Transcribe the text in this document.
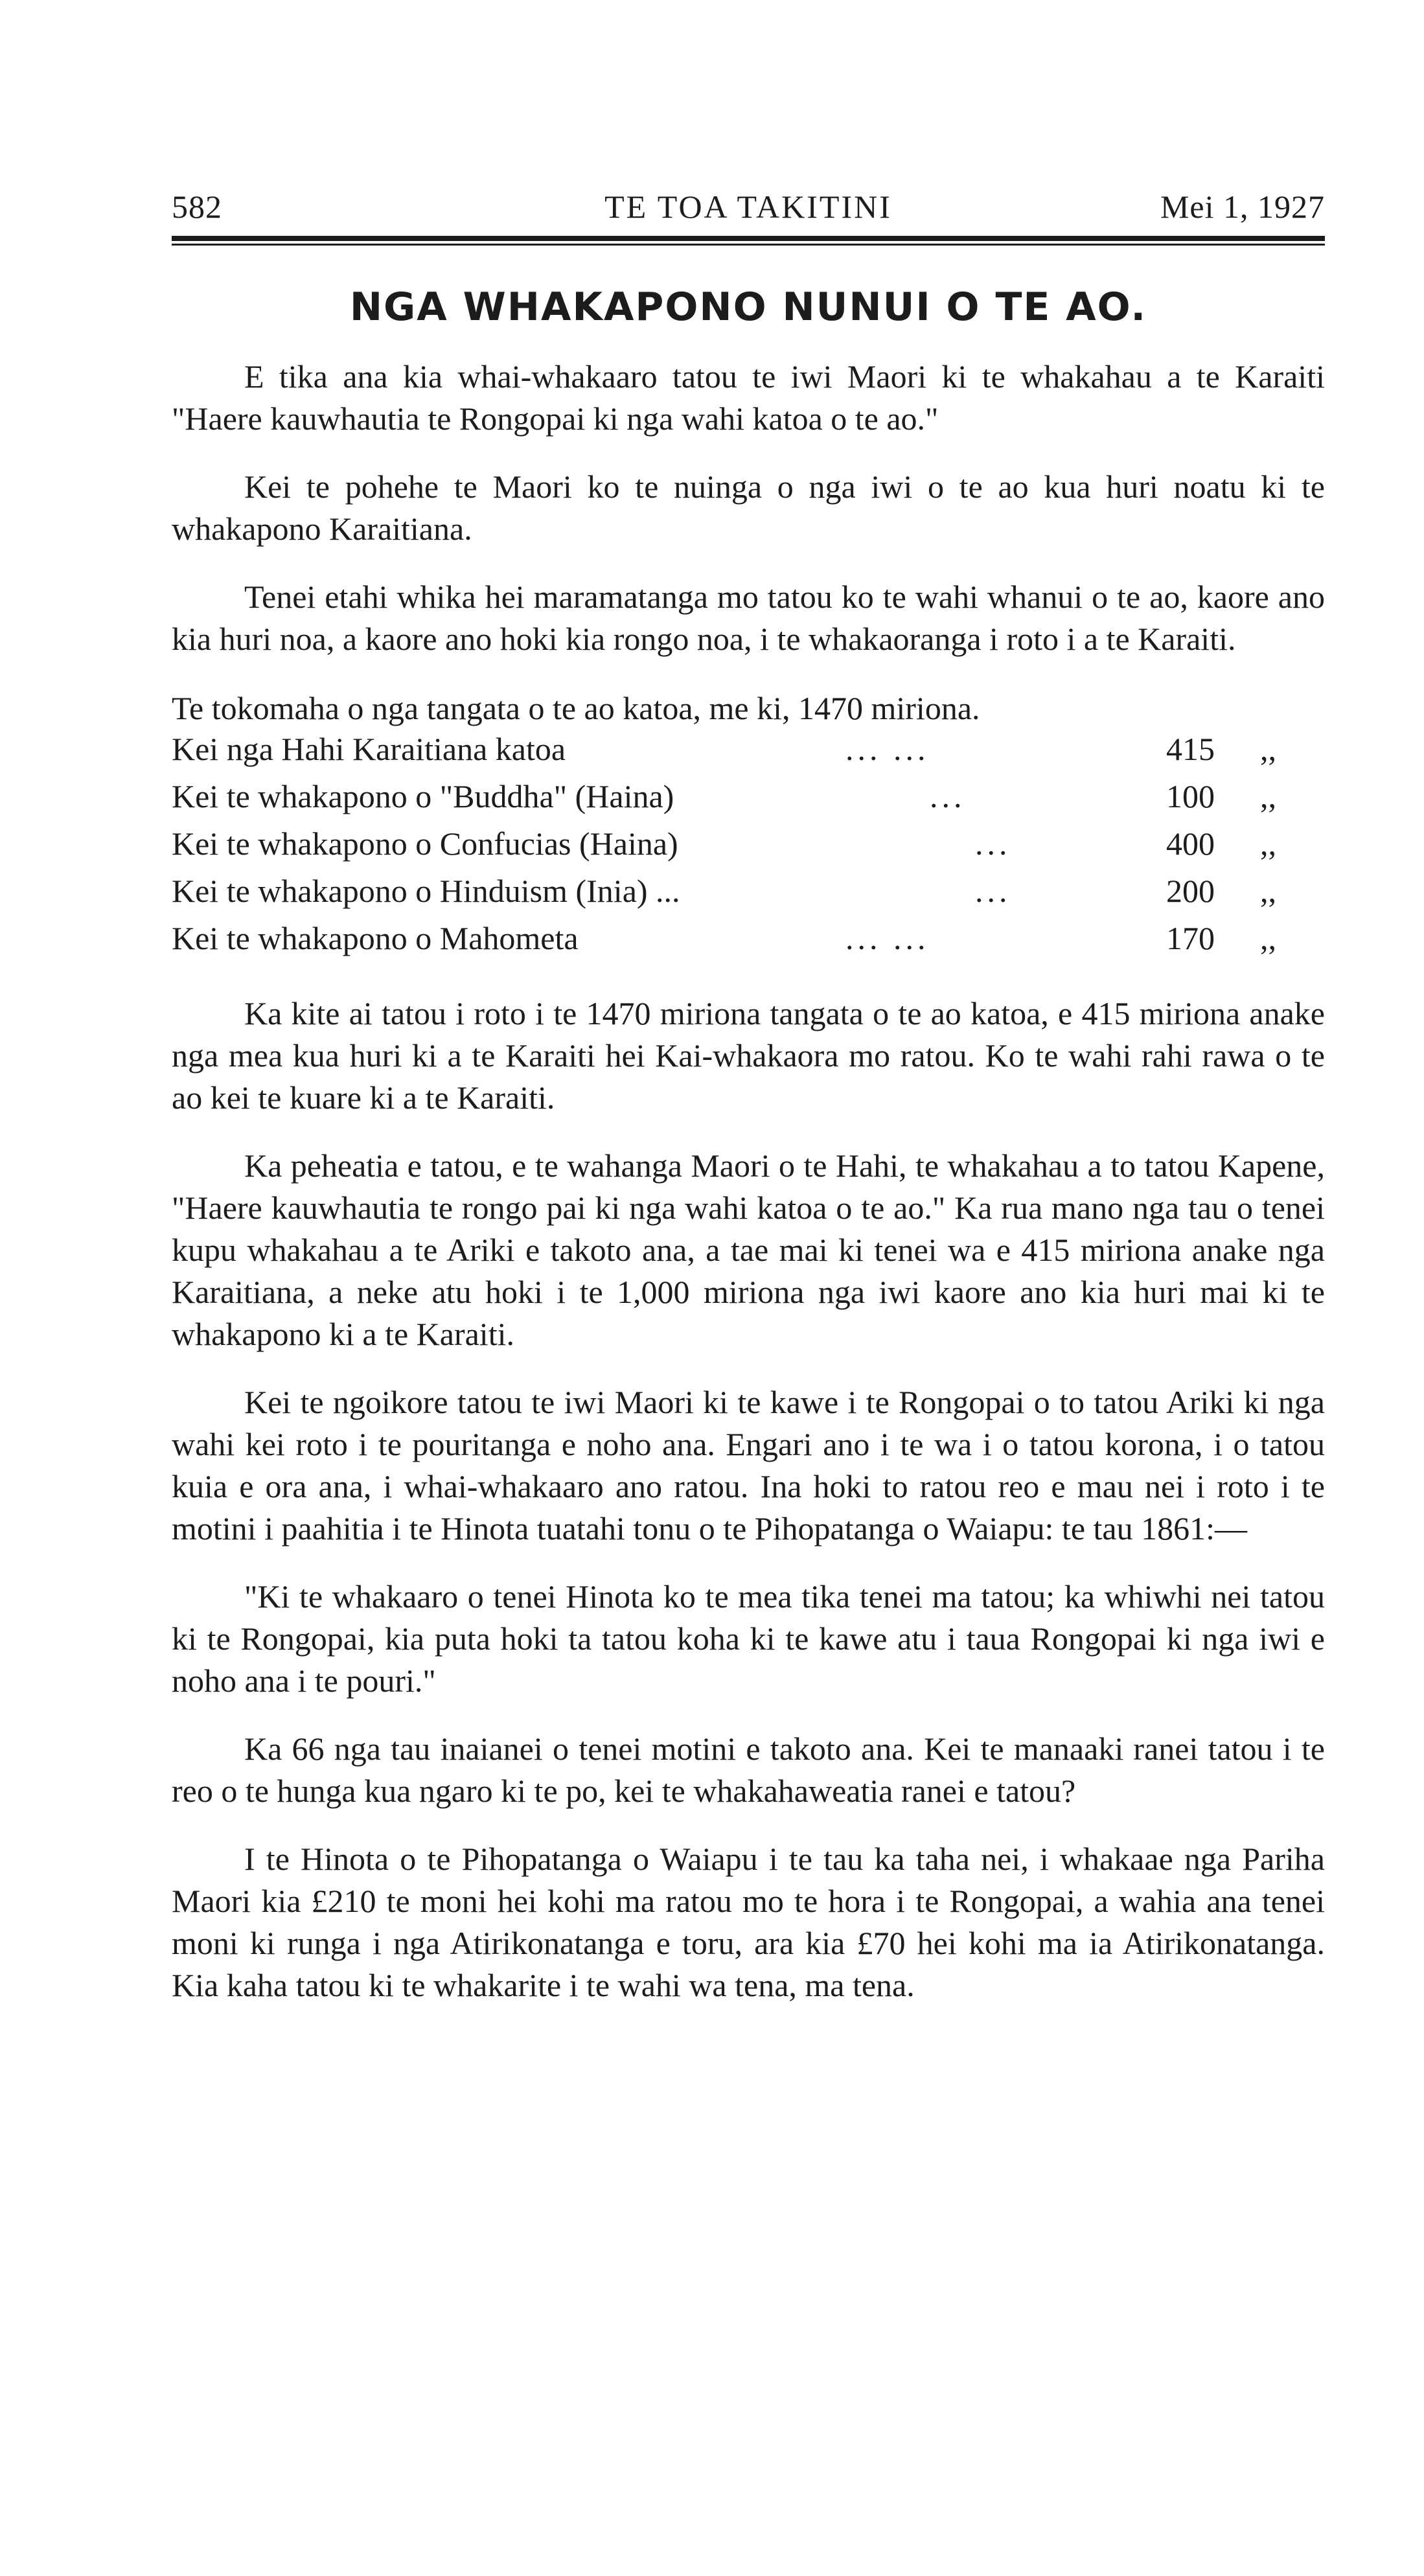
582	TE TOA TAKITINI	Mei 1, 1927
NGA WHAKAPONO NUNUI O TE AO.

E tika ana kia whai-whakaaro tatou te iwi Maori ki te whakahau a te Karaiti "Haere kauwhautia te Rongopai ki nga wahi katoa o te ao."

Kei te pohehe te Maori ko te nuinga o nga iwi o te ao kua huri noatu ki te whakapono Karaitiana.

Tenei etahi whika hei maramatanga mo tatou ko te wahi whanui o te ao, kaore ano kia huri noa, a kaore ano hoki kia rongo noa, i te whakaoranga i roto i a te Karaiti.

Te tokomaha o nga tangata o te ao katoa, me ki, 1470 miriona.
Kei nga Hahi Karaitiana katoa	... ...	415 ,,
Kei te whakapono o "Buddha" (Haina)	...	100 ,,
Kei te whakapono o Confucias (Haina)	...	400 ,,
Kei te whakapono o Hinduism (Inia) ...	...	200 ,,
Kei te whakapono o Mahometa	... ...	170 ,,

Ka kite ai tatou i roto i te 1470 miriona tangata o te ao katoa, e 415 miriona anake nga mea kua huri ki a te Karaiti hei Kai-whakaora mo ratou. Ko te wahi rahi rawa o te ao kei te kuare ki a te Karaiti.

Ka peheatia e tatou, e te wahanga Maori o te Hahi, te whakahau a to tatou Kapene, "Haere kauwhautia te rongo pai ki nga wahi katoa o te ao." Ka rua mano nga tau o tenei kupu whakahau a te Ariki e takoto ana, a tae mai ki tenei wa e 415 miriona anake nga Karaitiana, a neke atu hoki i te 1,000 miriona nga iwi kaore ano kia huri mai ki te whakapono ki a te Karaiti.

Kei te ngoikore tatou te iwi Maori ki te kawe i te Rongopai o to tatou Ariki ki nga wahi kei roto i te pouritanga e noho ana. Engari ano i te wa i o tatou korona, i o tatou kuia e ora ana, i whai-whakaaro ano ratou. Ina hoki to ratou reo e mau nei i roto i te motini i paahitia i te Hinota tuatahi tonu o te Pihopatanga o Waiapu: te tau 1861:—

"Ki te whakaaro o tenei Hinota ko te mea tika tenei ma tatou; ka whiwhi nei tatou ki te Rongopai, kia puta hoki ta tatou koha ki te kawe atu i taua Rongopai ki nga iwi e noho ana i te pouri."

Ka 66 nga tau inaianei o tenei motini e takoto ana. Kei te manaaki ranei tatou i te reo o te hunga kua ngaro ki te po, kei te whakahaweatia ranei e tatou?

I te Hinota o te Pihopatanga o Waiapu i te tau ka taha nei, i whakaae nga Pariha Maori kia £210 te moni hei kohi ma ratou mo te hora i te Rongopai, a wahia ana tenei moni ki runga i nga Atirikonatanga e toru, ara kia £70 hei kohi ma ia Atirikonatanga. Kia kaha tatou ki te whakarite i te wahi wa tena, ma tena.
